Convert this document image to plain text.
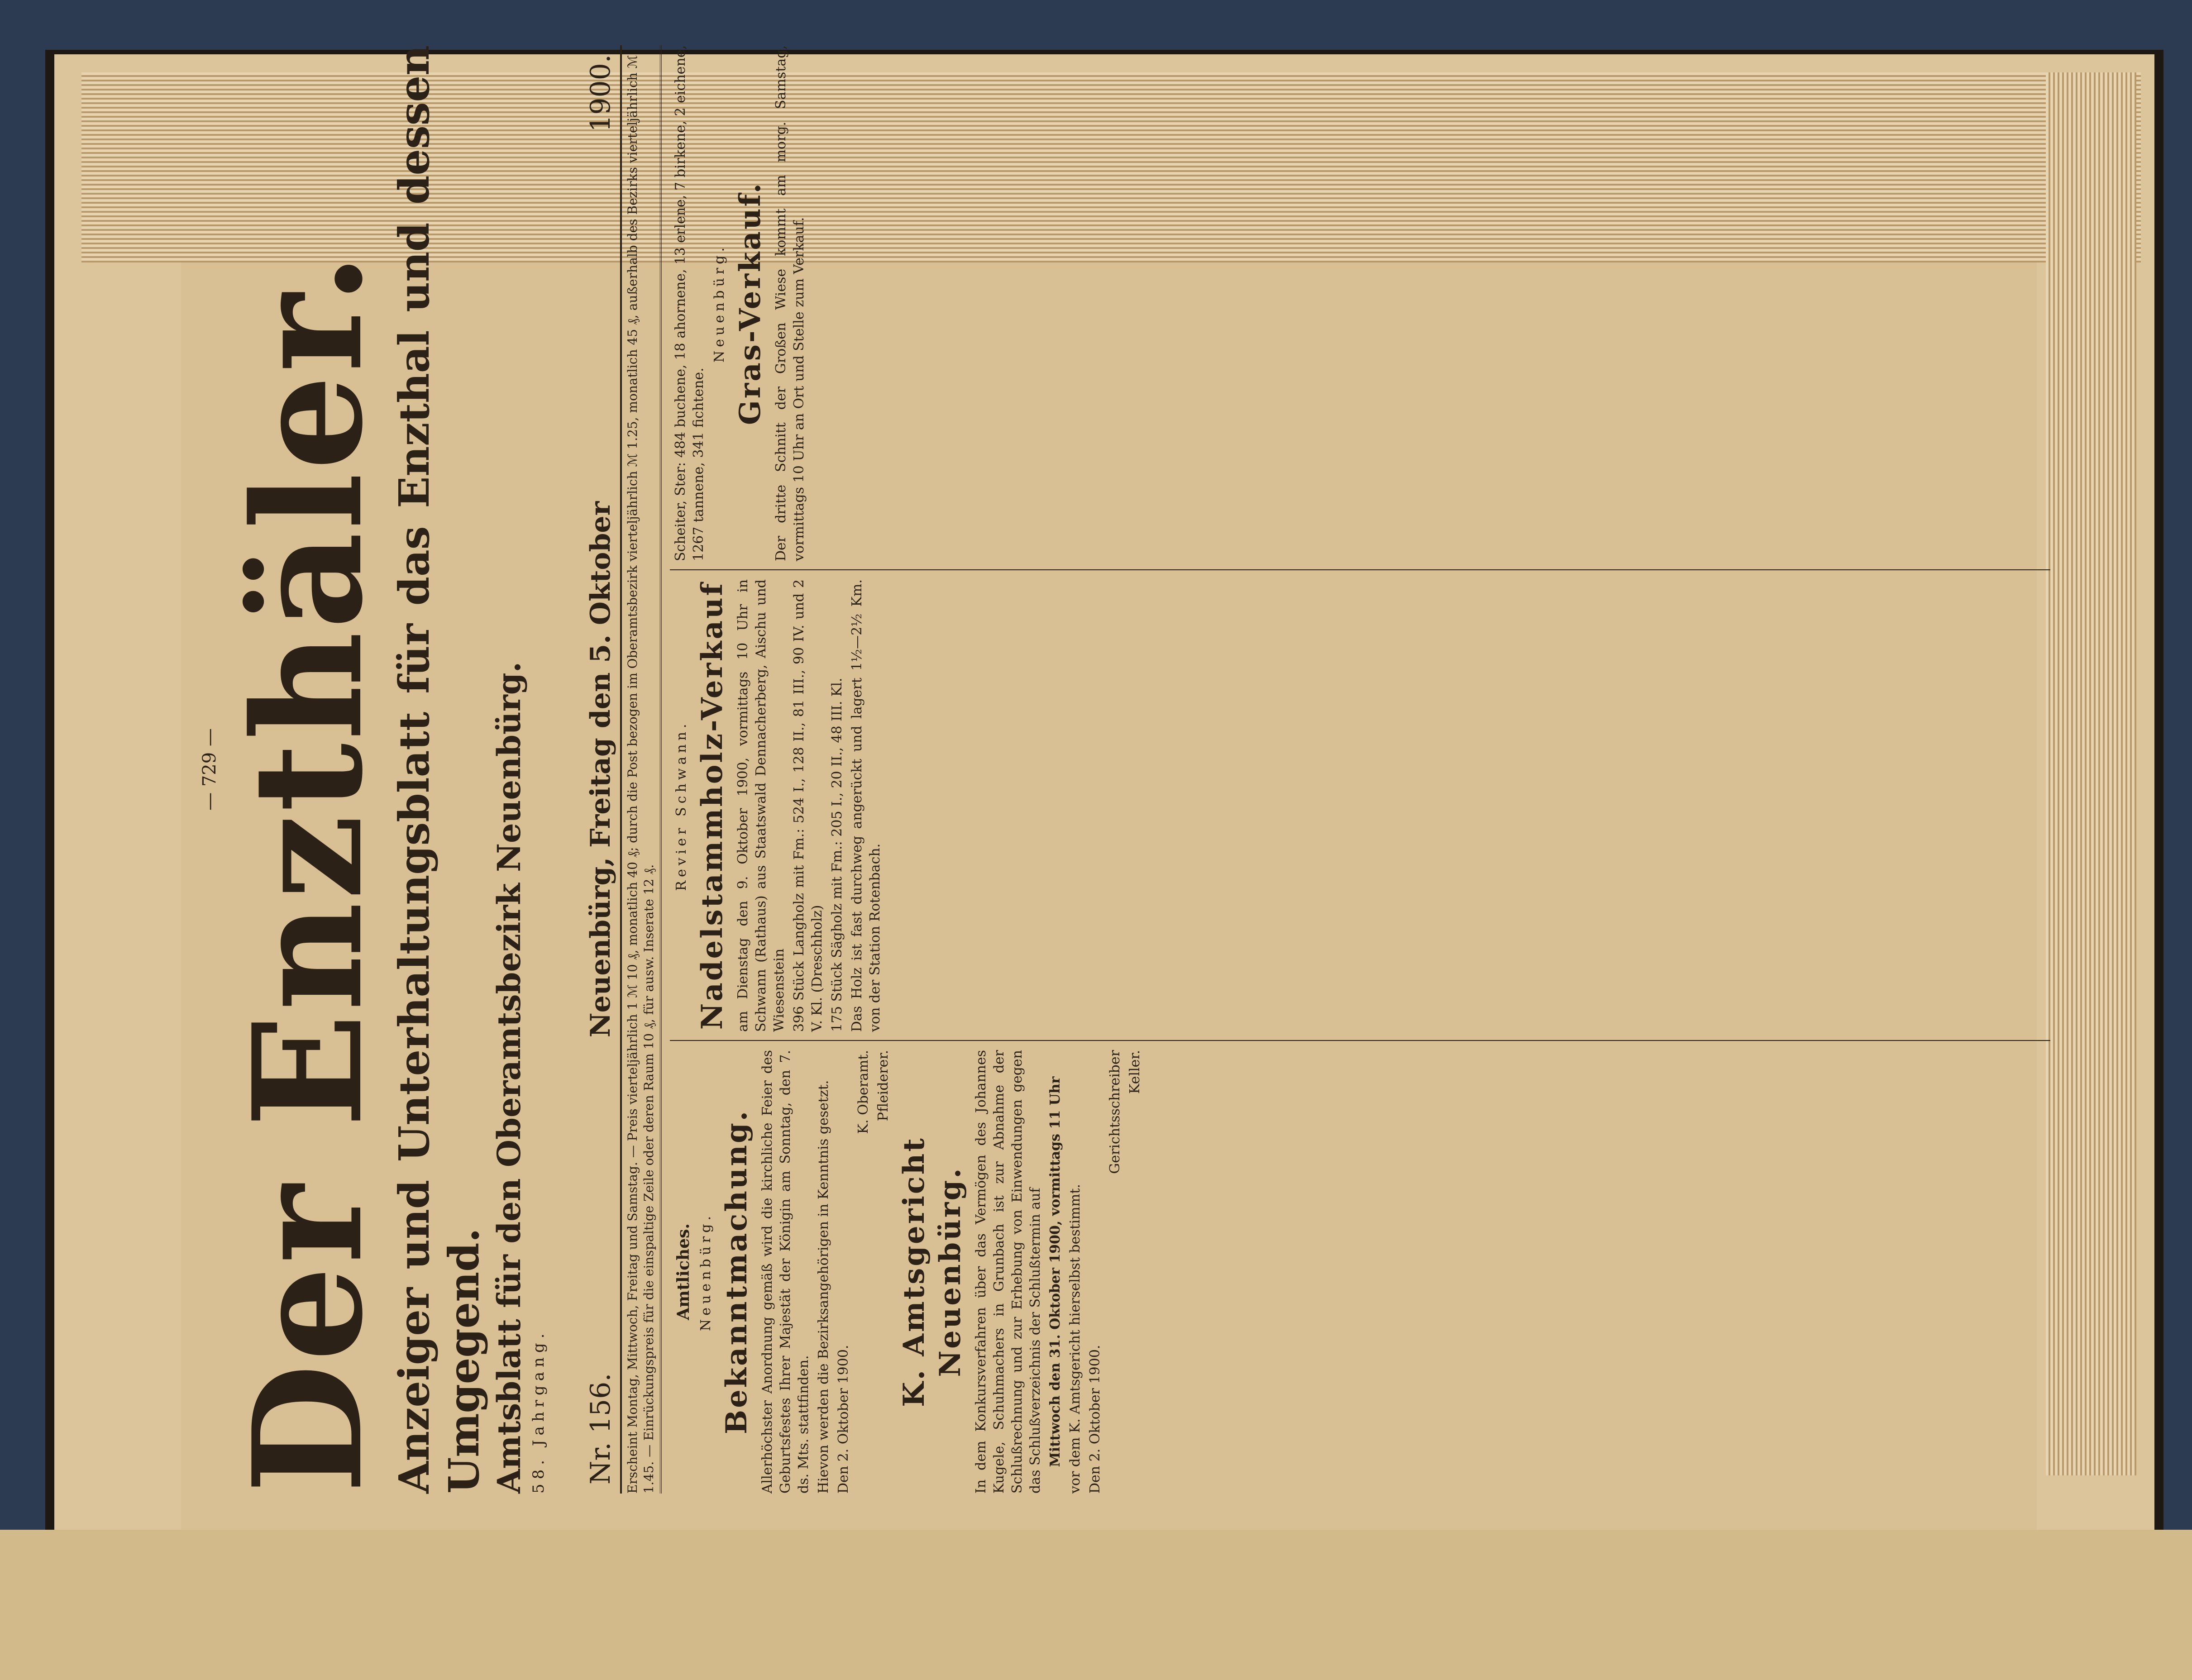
— 729 — Der Enzthäler.

Anzeiger und Unterhaltungsblatt für das Enzthal und dessen Umgegend. Amtsblatt für den Oberamtsbezirk Neuenbürg. 58. Jahrgang. Nr. 156.
Neuenbürg, Freitag den 5. Oktober
1900. Erscheint Montag, Mittwoch, Freitag und Samstag. — Preis vierteljährlich 1 ℳ 10 ₰, monatlich 40 ₰; durch die Post bezogen im Oberamtsbezirk vierteljährlich ℳ 1.25, monatlich 45 ₰, außerhalb des Bezirks vierteljährlich ℳ 1.45. — Einrückungspreis für die einspaltige Zeile oder deren Raum 10 ₰, für ausw. Inserate 12 ₰.	Amtliches. Neuenbürg. Bekanntmachung. Allerhöchster Anordnung gemäß wird die kirchliche Feier des Geburtsfestes Ihrer Majestät der Königin am Sonntag, den 7. ds. Mts. stattfinden. Hievon werden die Bezirksangehörigen in Kenntnis gesetzt. Den 2. Oktober 1900.

K. Oberamt. Pfleiderer.

K. Amtsgericht Neuenbürg. In dem Konkursverfahren über das Vermögen des Johannes Kugele, Schuhmachers in Grunbach ist zur Abnahme der Schlußrechnung und zur Erhebung von Einwendungen gegen das Schlußverzeichnis der Schlußtermin auf Mittwoch den 31. Oktober 1900, vormittags 11 Uhr vor dem K. Amtsgericht hierselbst bestimmt. Den 2. Oktober 1900.

Gerichtsschreiber Keller.

Revier Schwann. Nadelstammholz-Verkauf am Dienstag den 9. Oktober 1900, vormittags 10 Uhr in Schwann (Rathaus) aus Staatswald Dennacherberg, Aischu und Wiesenstein 396 Stück Langholz mit Fm.: 524 I., 128 II., 81 III., 90 IV. und 2 V. Kl. (Dreschholz) 175 Stück Sägholz mit Fm.: 205 I., 20 II., 48 III. Kl. Das Holz ist fast durchweg angerückt und lagert 1½—2½ Km. von der Station Rotenbach.

Scheiter, Ster: 484 buchene, 18 ahornene, 13 erlene, 7 birkene, 2 eichene, 1267 tannene, 341 fichtene.

Neuenbürg. Gras-Verkauf. Der dritte Schnitt der Großen Wiese kommt am morg. Samstag, vormittags 10 Uhr an Ort und Stelle zum Verkauf.
